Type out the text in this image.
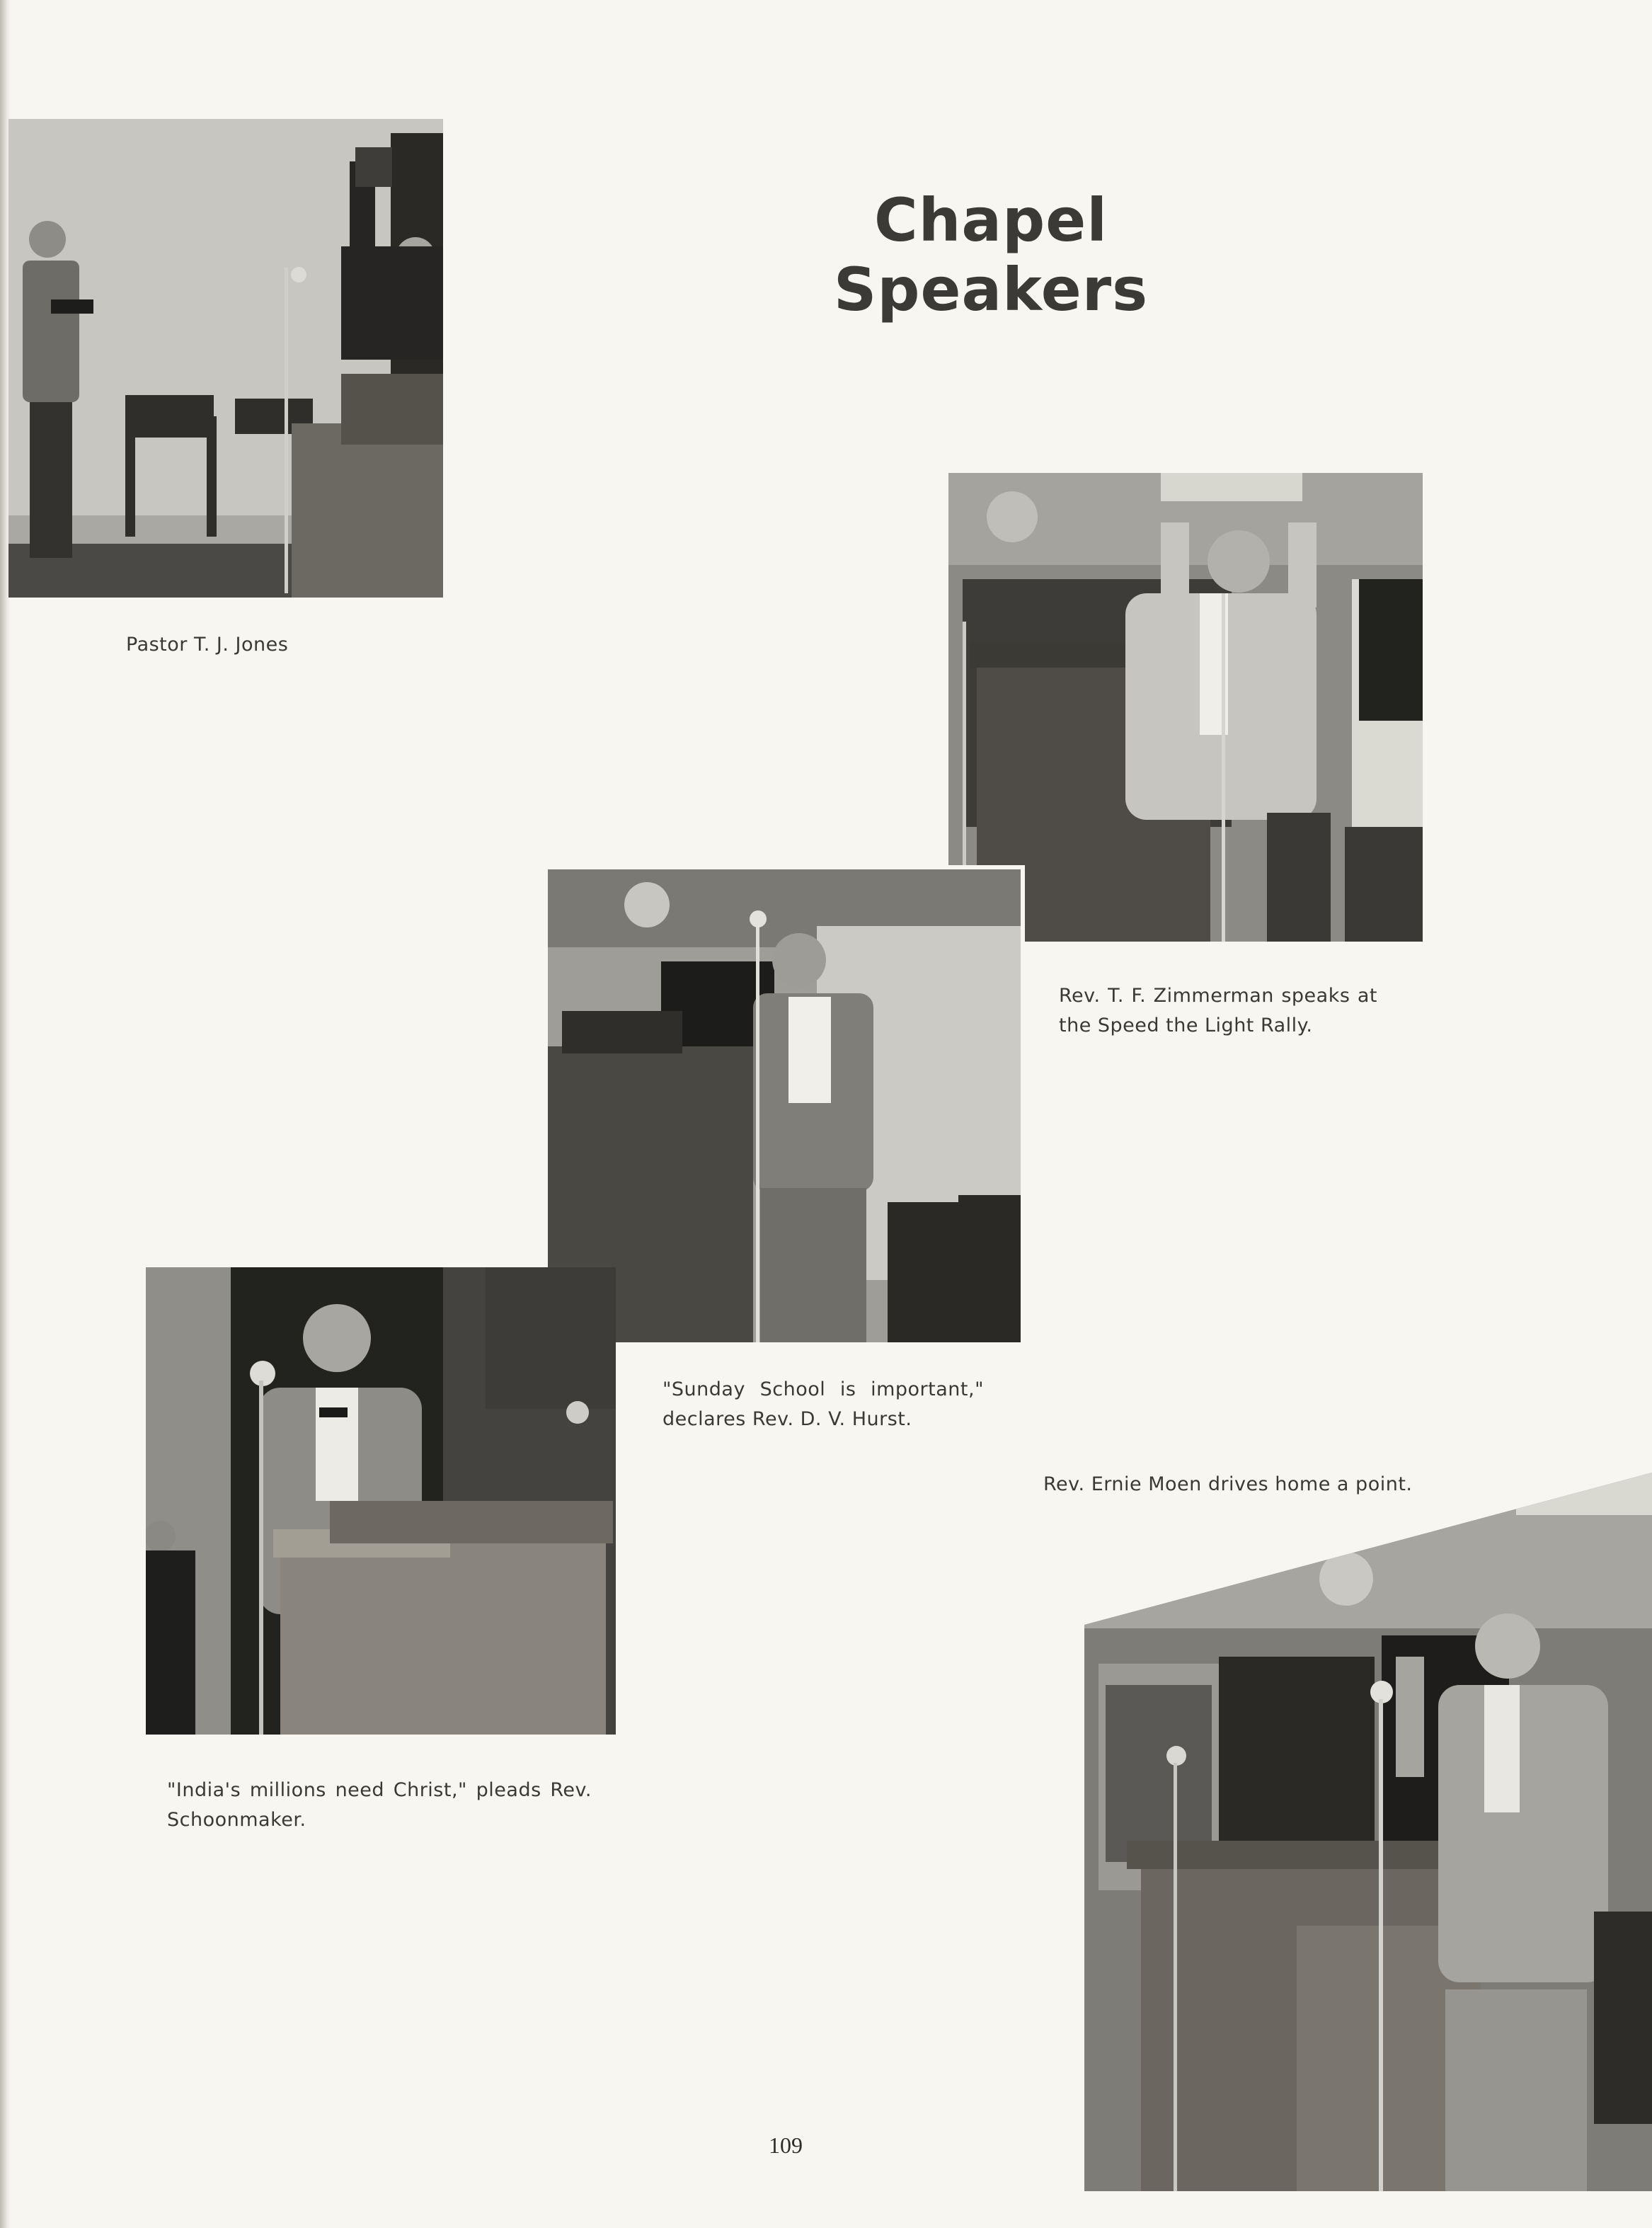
Chapel Speakers
Pastor T. J. Jones
Rev. T. F. Zimmerman speaks at the Speed the Light Rally.
"Sunday School is important," declares Rev. D. V. Hurst.
"India's millions need Christ," pleads Rev. Schoonmaker.
Rev. Ernie Moen drives home a point.
109
